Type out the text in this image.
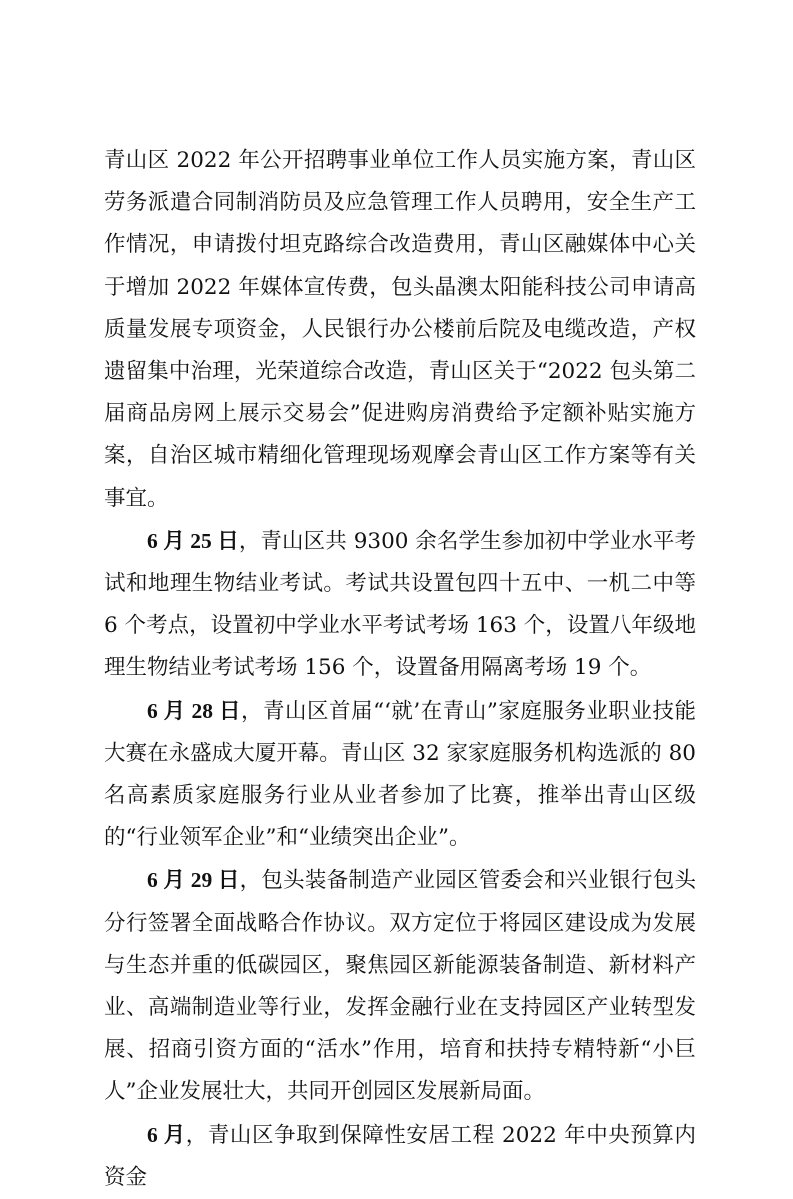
青山区 2022 年公开招聘事业单位工作人员实施方案，青山区劳务派遣合同制消防员及应急管理工作人员聘用，安全生产工作情况，申请拨付坦克路综合改造费用，青山区融媒体中心关于增加 2022 年媒体宣传费，包头晶澳太阳能科技公司申请高质量发展专项资金，人民银行办公楼前后院及电缆改造，产权遗留集中治理，光荣道综合改造，青山区关于“2022 包头第二届商品房网上展示交易会”促进购房消费给予定额补贴实施方案，自治区城市精细化管理现场观摩会青山区工作方案等有关事宜。

6 月 25 日，青山区共 9300 余名学生参加初中学业水平考试和地理生物结业考试。考试共设置包四十五中、一机二中等 6 个考点，设置初中学业水平考试考场 163 个，设置八年级地理生物结业考试考场 156 个，设置备用隔离考场 19 个。

6 月 28 日，青山区首届“‘就’在青山”家庭服务业职业技能大赛在永盛成大厦开幕。青山区 32 家家庭服务机构选派的 80 名高素质家庭服务行业从业者参加了比赛，推举出青山区级的“行业领军企业”和“业绩突出企业”。

6 月 29 日，包头装备制造产业园区管委会和兴业银行包头分行签署全面战略合作协议。双方定位于将园区建设成为发展与生态并重的低碳园区，聚焦园区新能源装备制造、新材料产业、高端制造业等行业，发挥金融行业在支持园区产业转型发展、招商引资方面的“活水”作用，培育和扶持专精特新“小巨人”企业发展壮大，共同开创园区发展新局面。

6 月，青山区争取到保障性安居工程 2022 年中央预算内资金
